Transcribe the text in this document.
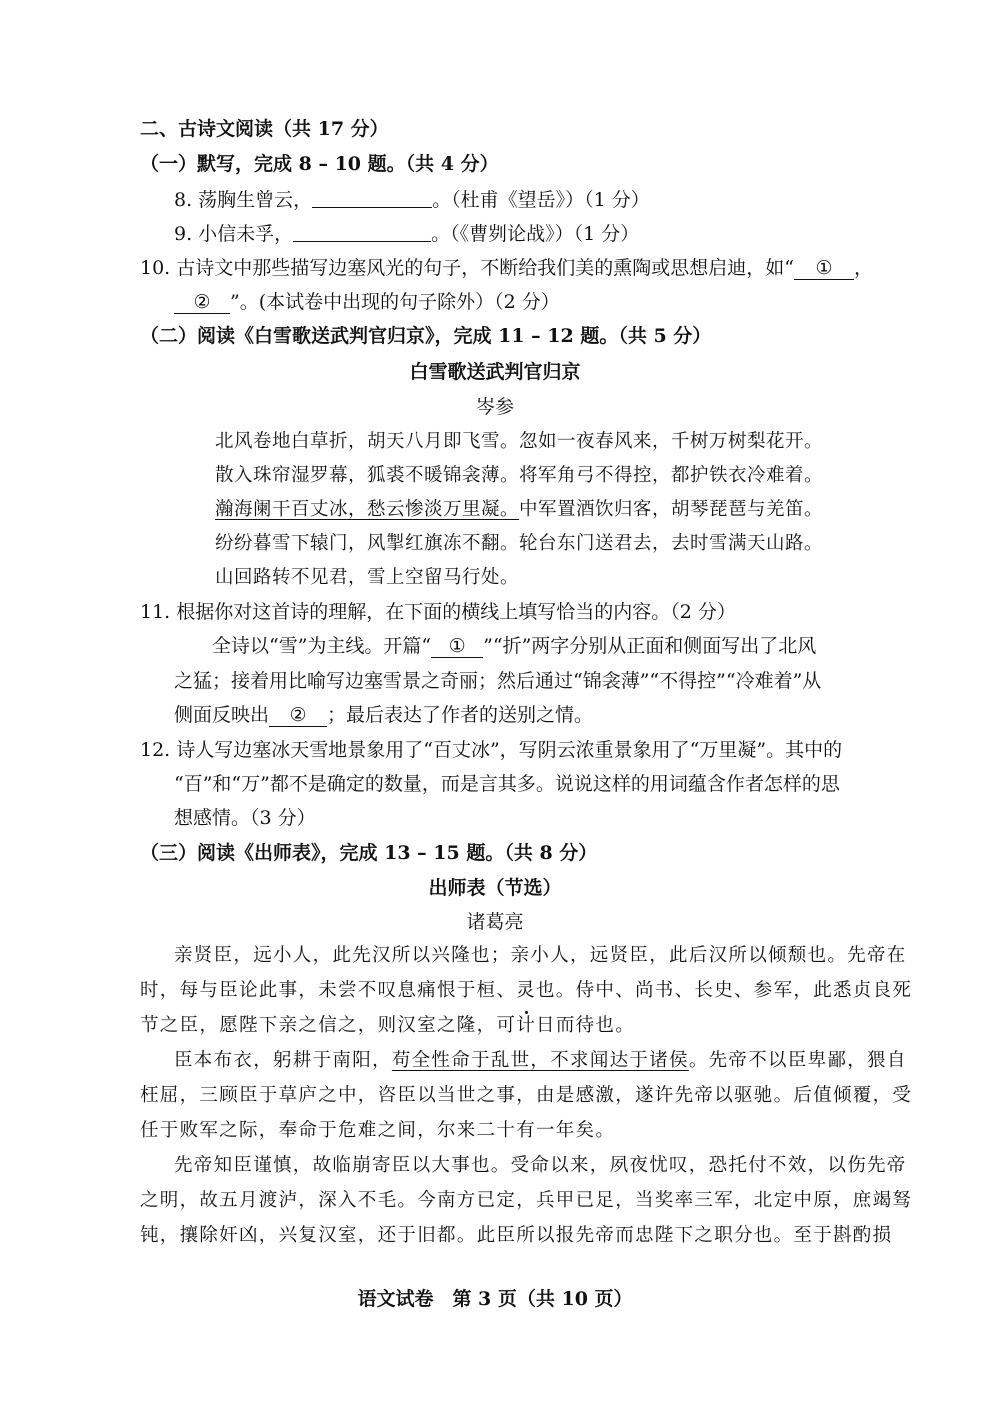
二、古诗文阅读（共 17 分）
（一）默写，完成 8 – 10 题。（共 4 分）
8. 荡胸生曾云，	。（杜甫《望岳》）（1 分）
9. 小信未孚，	。（《曹刿论战》）（1 分）
10. 古诗文中那些描写边塞风光的句子，不断给我们美的熏陶或思想启迪，如“ ① ，
② ”。(本试卷中出现的句子除外）（2 分）
（二）阅读《白雪歌送武判官归京》，完成 11 – 12 题。（共 5 分）
白雪歌送武判官归京
岑参
北风卷地白草折，胡天八月即飞雪。忽如一夜春风来，千树万树梨花开。
散入珠帘湿罗幕，狐裘不暖锦衾薄。将军角弓不得控，都护铁衣冷难着。
瀚海阑干百丈冰，愁云惨淡万里凝。中军置酒饮归客，胡琴琵琶与羌笛。
纷纷暮雪下辕门，风掣红旗冻不翻。轮台东门送君去，去时雪满天山路。
山回路转不见君，雪上空留马行处。
11. 根据你对这首诗的理解，在下面的横线上填写恰当的内容。（2 分）
全诗以“雪”为主线。开篇“ ① ”“折”两字分别从正面和侧面写出了北风
之猛；接着用比喻写边塞雪景之奇丽；然后通过“锦衾薄”“不得控”“冷难着”从
侧面反映出 ② ；最后表达了作者的送别之情。
12. 诗人写边塞冰天雪地景象用了“百丈冰”，写阴云浓重景象用了“万里凝”。其中的
“百”和“万”都不是确定的数量，而是言其多。说说这样的用词蕴含作者怎样的思
想感情。（3 分）
（三）阅读《出师表》，完成 13 – 15 题。（共 8 分）
出师表（节选）
诸葛亮
亲贤臣，远小人，此先汉所以兴隆也；亲小人，远贤臣，此后汉所以倾颓也。先帝在
时，每与臣论此事，未尝不叹息痛恨于桓、灵也。侍中、尚书、长史、参军，此悉贞良死
节之臣，愿陛下亲之信之，则汉室之隆，可计日而待也。
臣本布衣，躬耕于南阳，苟全性命于乱世，不求闻达于诸侯。先帝不以臣卑鄙，猥自
枉屈，三顾臣于草庐之中，咨臣以当世之事，由是感激，遂许先帝以驱驰。后值倾覆，受
任于败军之际，奉命于危难之间，尔来二十有一年矣。
先帝知臣谨慎，故临崩寄臣以大事也。受命以来，夙夜忧叹，恐托付不效，以伤先帝
之明，故五月渡泸，深入不毛。今南方已定，兵甲已足，当奖率三军，北定中原，庶竭驽
钝，攘除奸凶，兴复汉室，还于旧都。此臣所以报先帝而忠陛下之职分也。至于斟酌损
语文试卷　第 3 页（共 10 页）
